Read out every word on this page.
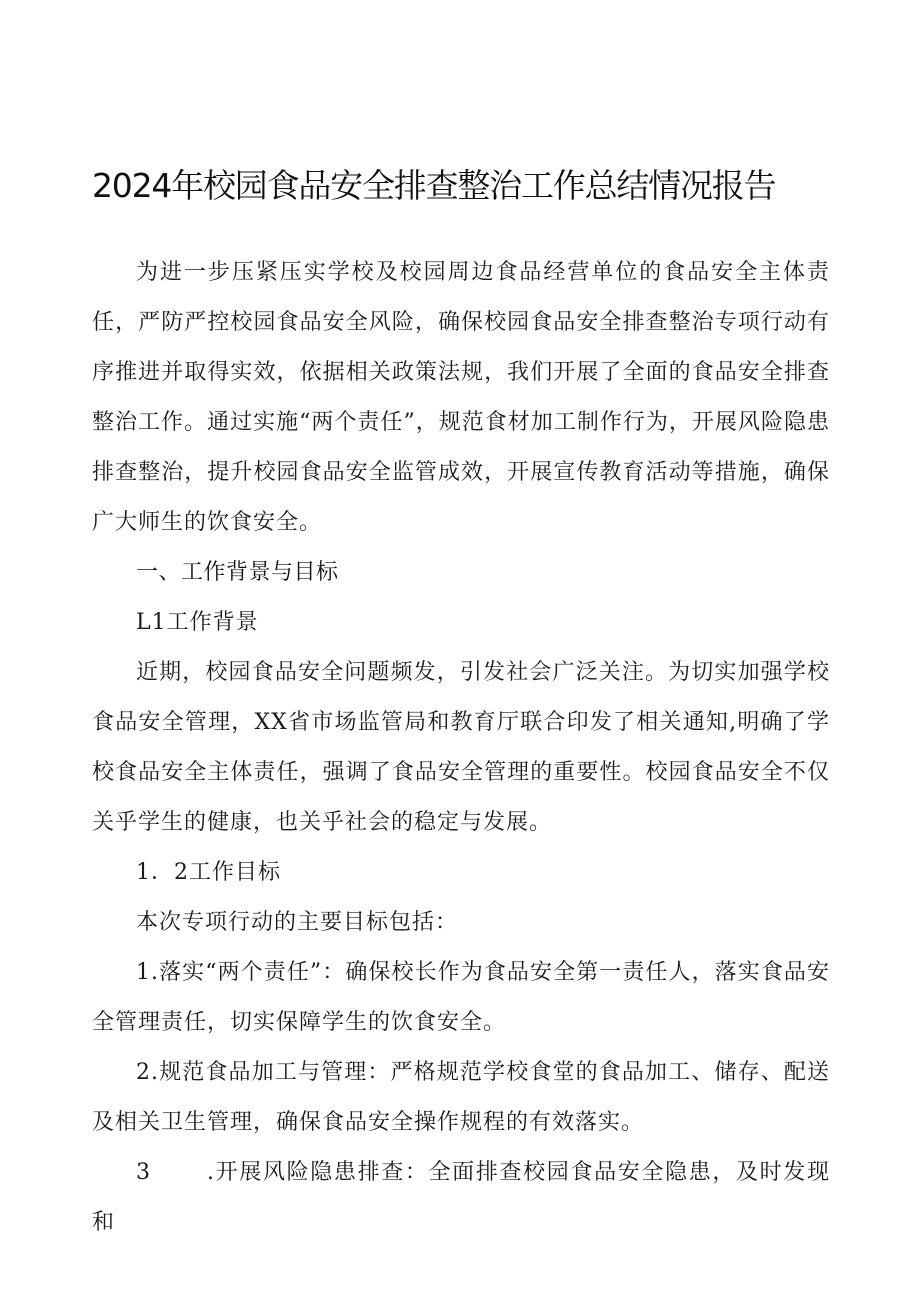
2024年校园食品安全排查整治工作总结情况报告

为进一步压紧压实学校及校园周边食品经营单位的食品安全主体责任，严防严控校园食品安全风险，确保校园食品安全排查整治专项行动有序推进并取得实效，依据相关政策法规，我们开展了全面的食品安全排查整治工作。通过实施“两个责任”，规范食材加工制作行为，开展风险隐患排查整治，提升校园食品安全监管成效，开展宣传教育活动等措施，确保广大师生的饮食安全。

一、工作背景与目标

L1工作背景

近期，校园食品安全问题频发，引发社会广泛关注。为切实加强学校食品安全管理，XX省市场监管局和教育厅联合印发了相关通知,明确了学校食品安全主体责任，强调了食品安全管理的重要性。校园食品安全不仅关乎学生的健康，也关乎社会的稳定与发展。

1．2工作目标

本次专项行动的主要目标包括：

1.落实“两个责任”：确保校长作为食品安全第一责任人，落实食品安全管理责任，切实保障学生的饮食安全。

2.规范食品加工与管理：严格规范学校食堂的食品加工、储存、配送及相关卫生管理，确保食品安全操作规程的有效落实。

3	.开展风险隐患排查：全面排查校园食品安全隐患，及时发现和
